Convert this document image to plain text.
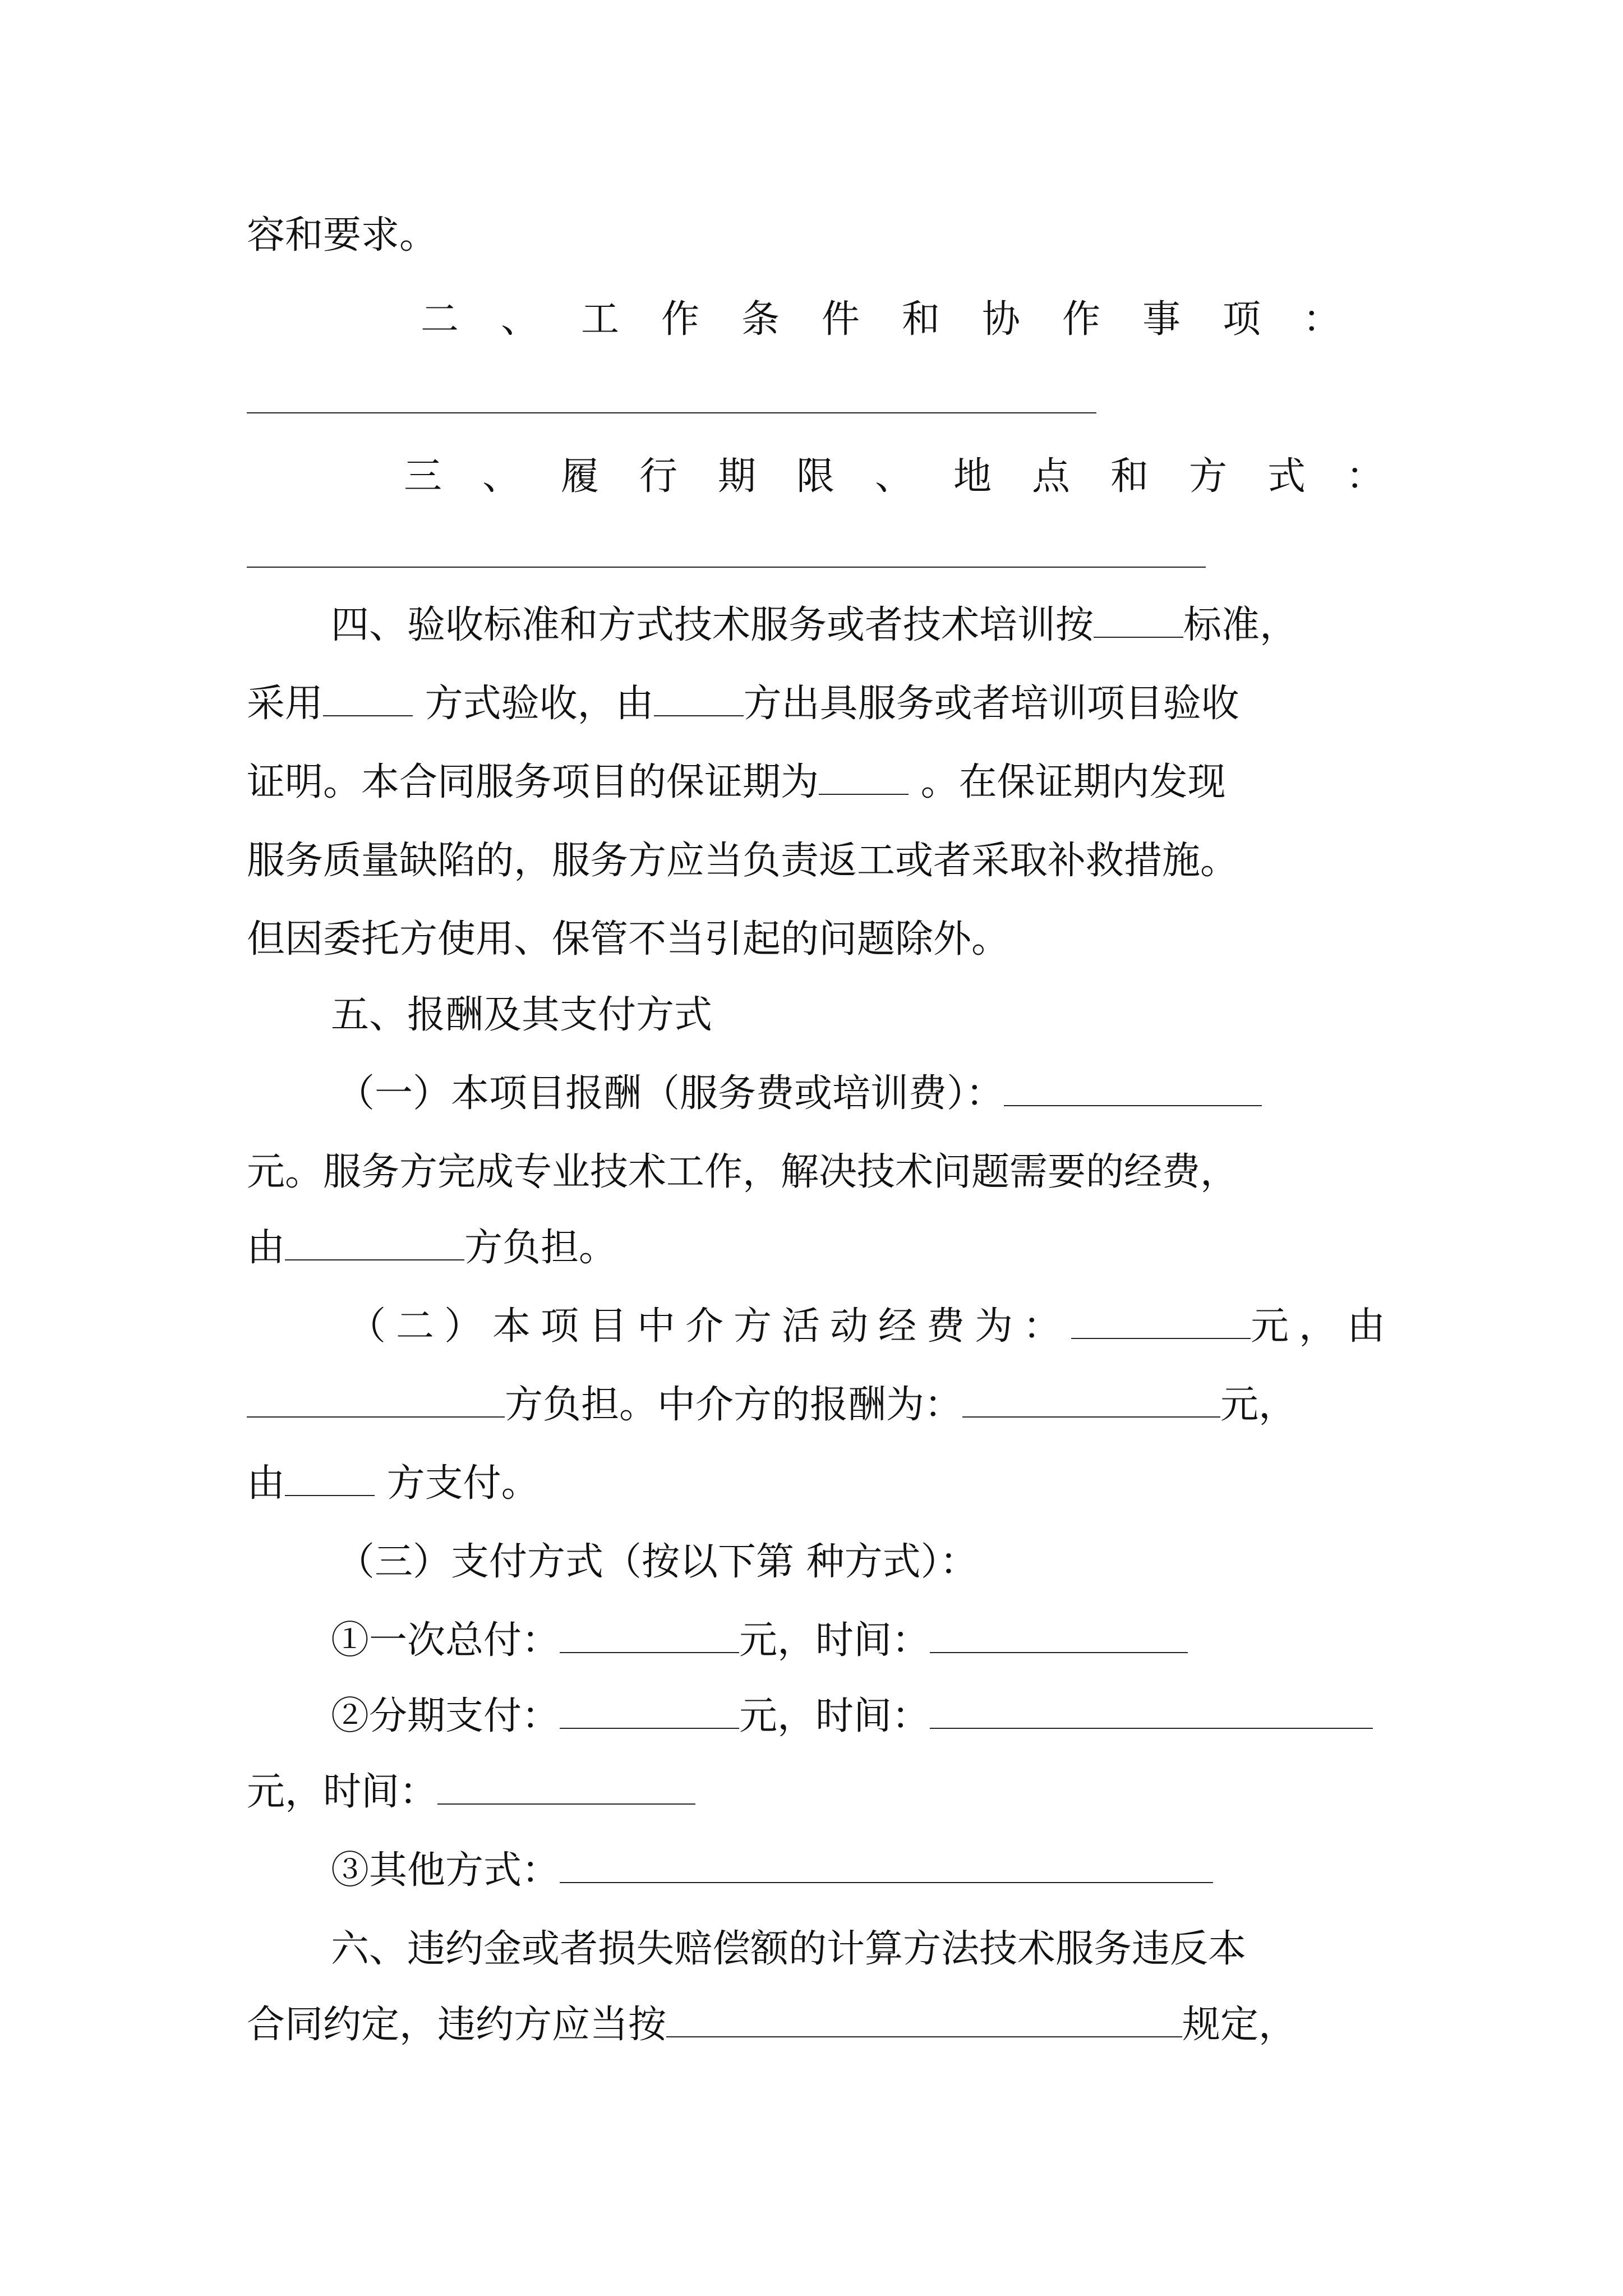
容和要求。
二、工作条件和协作事项：
三、履行期限、地点和方式：
四、验收标准和方式技术服务或者技术培训按 标准，
采用	方式验收，由 方出具服务或者培训项目验收
证明。本合同服务项目的保证期为	。在保证期内发现
服务质量缺陷的，服务方应当负责返工或者采取补救措施。
但因委托方使用、保管不当引起的问题除外。
五、报酬及其支付方式
（一）本项目报酬（服务费或培训费）：
元。服务方完成专业技术工作，解决技术问题需要的经费，
由	方负担。
（二）本项目中介方活动经费为：	元，由
方负担。中介方的报酬为：	元，
由	方支付。
（三）支付方式（按以下第 种方式）：
①一次总付：	元，时间：
②分期支付：	元，时间：
元，时间：
③其他方式：
六、违约金或者损失赔偿额的计算方法技术服务违反本
合同约定，违约方应当按	规定，
